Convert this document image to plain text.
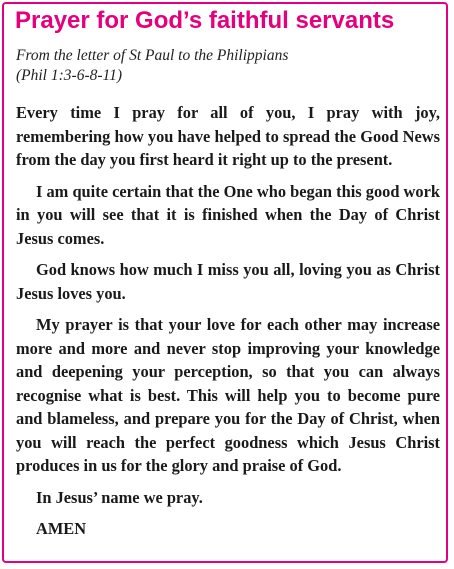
Prayer for God’s faithful servants
From the letter of St Paul to the Philippians
(Phil 1:3-6-8-11)

Every time I pray for all of you, I pray with joy, remembering how you have helped to spread the Good News from the day you first heard it right up to the present.

I am quite certain that the One who began this good work in you will see that it is finished when the Day of Christ Jesus comes.

God knows how much I miss you all, loving you as Christ Jesus loves you.

My prayer is that your love for each other may increase more and more and never stop improving your knowledge and deepening your perception, so that you can always recognise what is best. This will help you to become pure and blameless, and prepare you for the Day of Christ, when you will reach the perfect goodness which Jesus Christ produces in us for the glory and praise of God.

In Jesus’ name we pray.

AMEN
